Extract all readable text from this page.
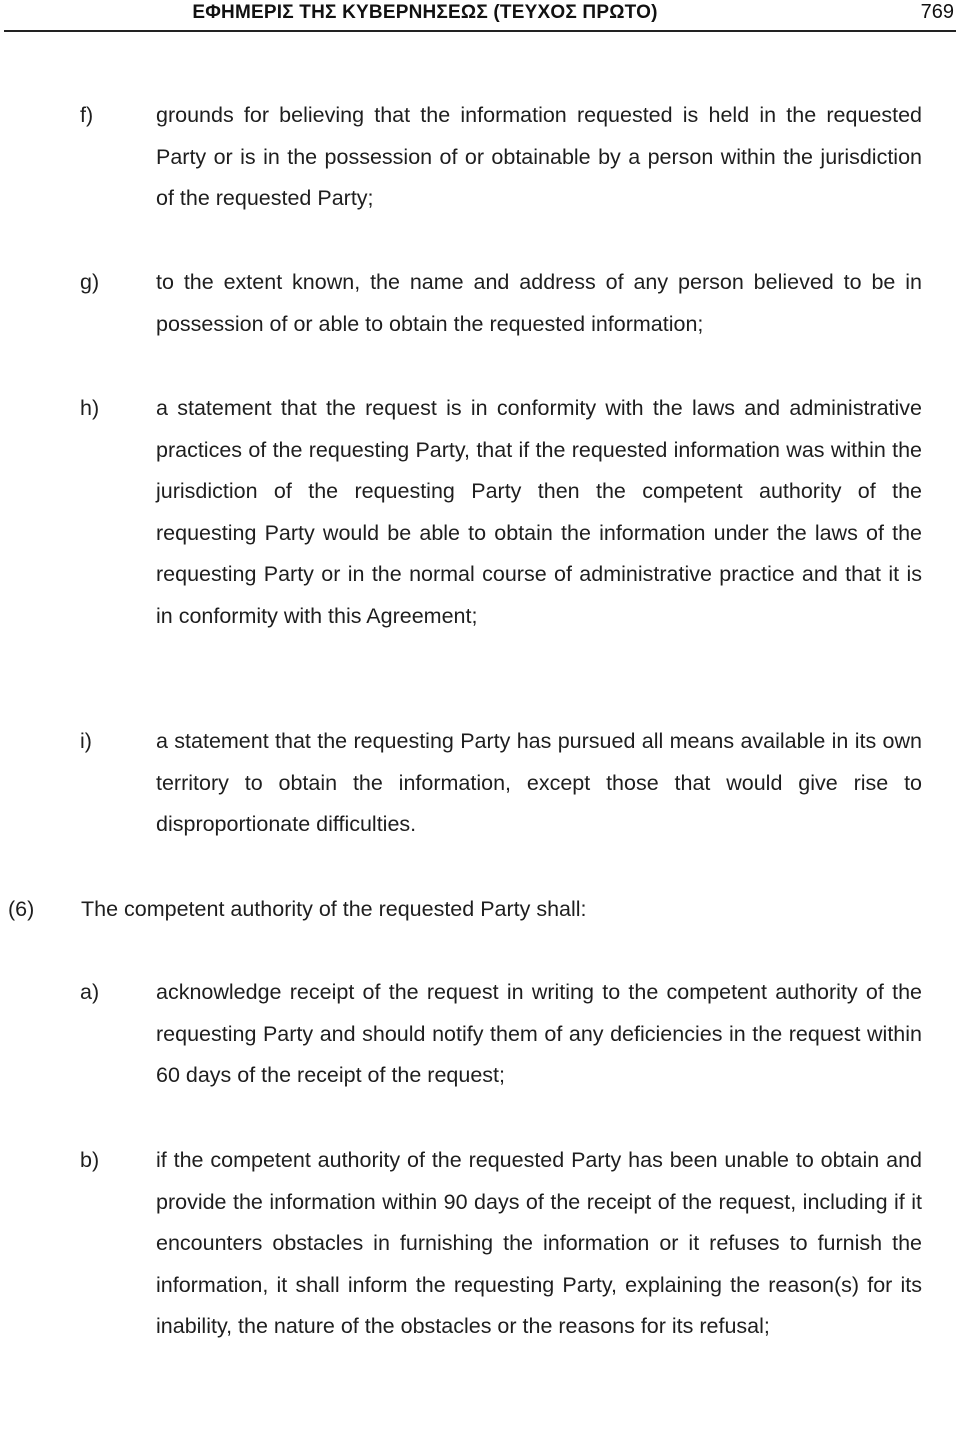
ΕΦΗΜΕΡΙΣ ΤΗΣ ΚΥΒΕΡΝΗΣΕΩΣ (ΤΕΥΧΟΣ ΠΡΩΤΟ)	769
f)	grounds for believing that the information requested is held in the requested Party or is in the possession of or obtainable by a person within the jurisdiction of the requested Party;
g)	to the extent known, the name and address of any person believed to be in possession of or able to obtain the requested information;
h)	a statement that the request is in conformity with the laws and administrative practices of the requesting Party, that if the requested information was within the jurisdiction of the requesting Party then the competent authority of the requesting Party would be able to obtain the information under the laws of the requesting Party or in the normal course of administrative practice and that it is in conformity with this Agreement;
i)	a statement that the requesting Party has pursued all means available in its own territory to obtain the information, except those that would give rise to disproportionate difficulties.
(6) The competent authority of the requested Party shall:
a)	acknowledge receipt of the request in writing to the competent authority of the requesting Party and should notify them of any deficiencies in the request within 60 days of the receipt of the request;
b)	if the competent authority of the requested Party has been unable to obtain and provide the information within 90 days of the receipt of the request, including if it encounters obstacles in furnishing the information or it refuses to furnish the information, it shall inform the requesting Party, explaining the reason(s) for its inability, the nature of the obstacles or the reasons for its refusal;
